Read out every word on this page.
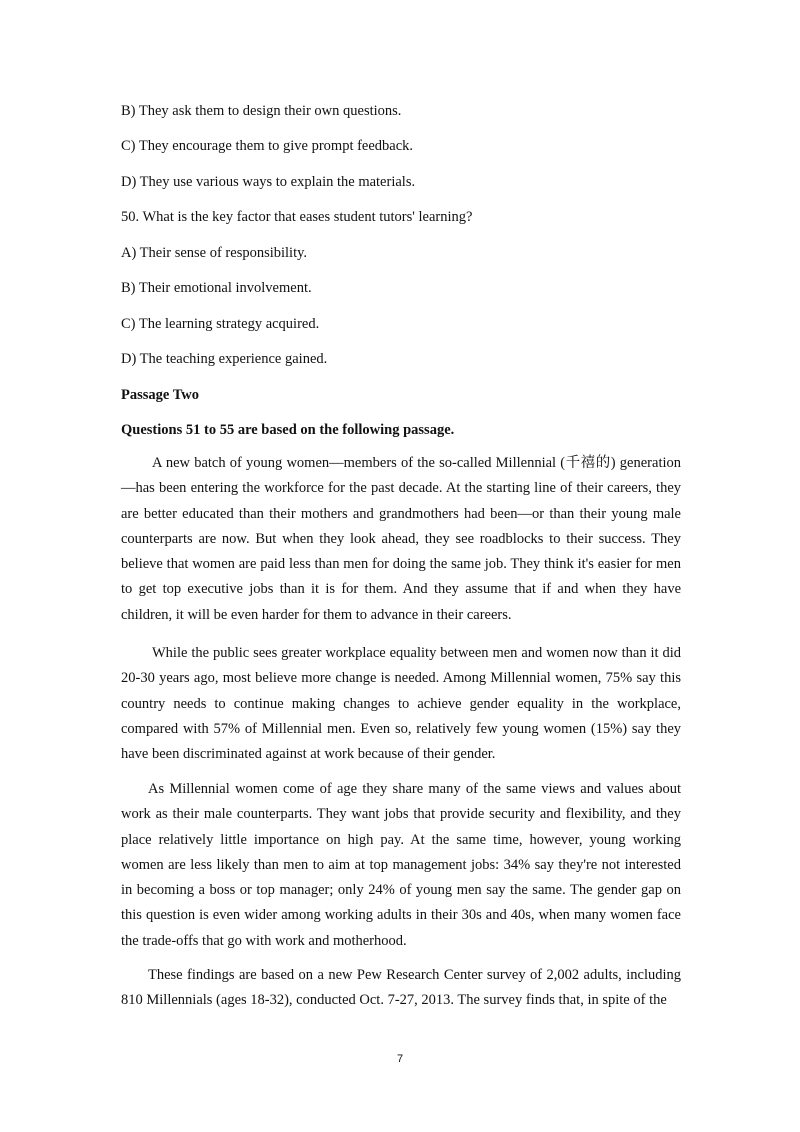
B) They ask them to design their own questions.
C) They encourage them to give prompt feedback.
D) They use various ways to explain the materials.
50. What is the key factor that eases student tutors' learning?
A) Their sense of responsibility.
B) Their emotional involvement.
C) The learning strategy acquired.
D) The teaching experience gained.
Passage Two
Questions 51 to 55 are based on the following passage.

A new batch of young women—members of the so-called Millennial (千禧的) generation—has been entering the workforce for the past decade. At the starting line of their careers, they are better educated than their mothers and grandmothers had been—or than their young male counterparts are now. But when they look ahead, they see roadblocks to their success. They believe that women are paid less than men for doing the same job. They think it's easier for men to get top executive jobs than it is for them. And they assume that if and when they have children, it will be even harder for them to advance in their careers.

While the public sees greater workplace equality between men and women now than it did 20-30 years ago, most believe more change is needed. Among Millennial women, 75% say this country needs to continue making changes to achieve gender equality in the workplace, compared with 57% of Millennial men. Even so, relatively few young women (15%) say they have been discriminated against at work because of their gender.

As Millennial women come of age they share many of the same views and values about work as their male counterparts. They want jobs that provide security and flexibility, and they place relatively little importance on high pay. At the same time, however, young working women are less likely than men to aim at top management jobs: 34% say they're not interested in becoming a boss or top manager; only 24% of young men say the same. The gender gap on this question is even wider among working adults in their 30s and 40s, when many women face the trade-offs that go with work and motherhood.

These findings are based on a new Pew Research Center survey of 2,002 adults, including 810 Millennials (ages 18-32), conducted Oct. 7-27, 2013. The survey finds that, in spite of the

7
